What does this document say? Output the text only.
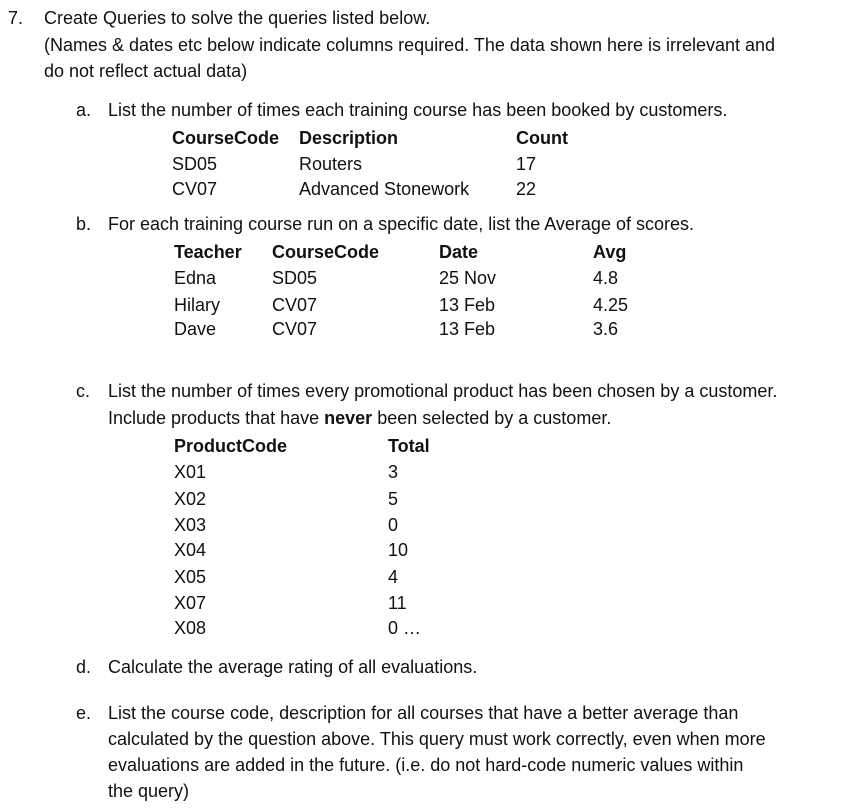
7. Create Queries to solve the queries listed below.
(Names & dates etc below indicate columns required. The data shown here is irrelevant and
do not reflect actual data)
a. List the number of times each training course has been booked by customers.
CourseCode Description	Count
SD05	Routers	17
CV07	Advanced Stonework	22
b. For each training course run on a specific date, list the Average of scores.
Teacher CourseCode	Date	Avg
Edna	SD05	25 Nov	4.8
Hilary	CV07	13 Feb	4.25
Dave	CV07	13 Feb	3.6
c. List the number of times every promotional product has been chosen by a customer.
Include products that have never been selected by a customer.
ProductCode	Total
X01	3
X02	5
X03	0
X04	10
X05	4
X07	11
X08	0 …
d. Calculate the average rating of all evaluations.
e. List the course code, description for all courses that have a better average than
calculated by the question above. This query must work correctly, even when more
evaluations are added in the future. (i.e. do not hard-code numeric values within
the query)
